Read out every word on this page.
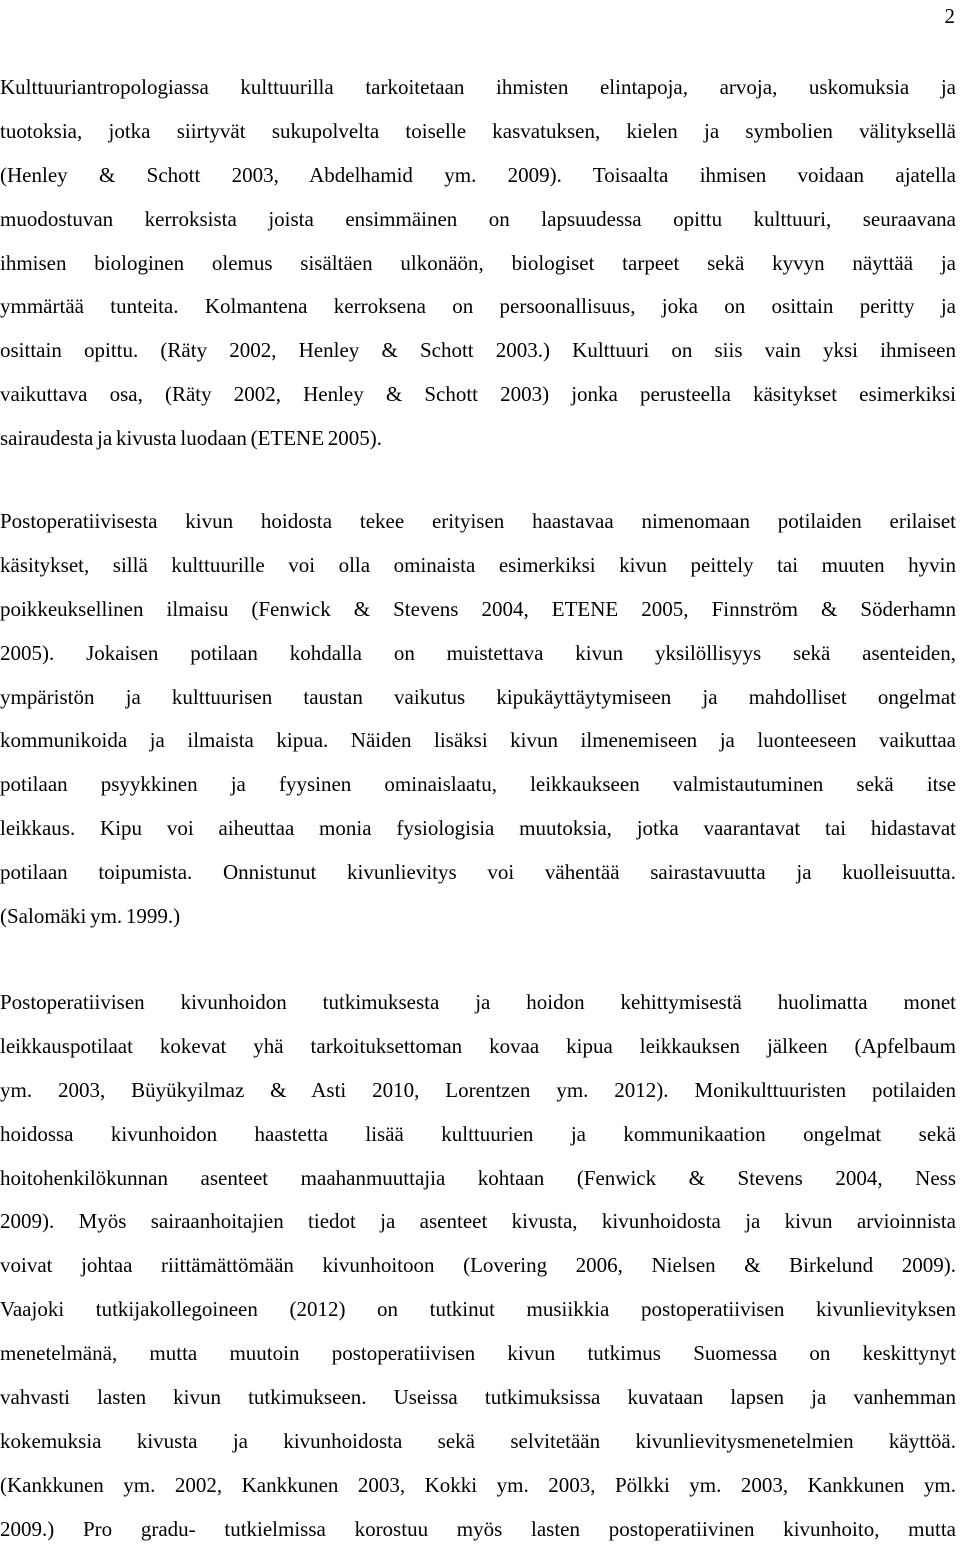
2
Kulttuuriantropologiassa kulttuurilla tarkoitetaan ihmisten elintapoja, arvoja, uskomuksia ja
tuotoksia, jotka siirtyvät sukupolvelta toiselle kasvatuksen, kielen ja symbolien välityksellä
(Henley & Schott 2003, Abdelhamid ym. 2009). Toisaalta ihmisen voidaan ajatella
muodostuvan kerroksista joista ensimmäinen on lapsuudessa opittu kulttuuri, seuraavana
ihmisen biologinen olemus sisältäen ulkonäön, biologiset tarpeet sekä kyvyn näyttää ja
ymmärtää tunteita. Kolmantena kerroksena on persoonallisuus, joka on osittain peritty ja
osittain opittu. (Räty 2002, Henley & Schott 2003.) Kulttuuri on siis vain yksi ihmiseen
vaikuttava osa, (Räty 2002, Henley & Schott 2003) jonka perusteella käsitykset esimerkiksi
sairaudesta ja kivusta luodaan (ETENE 2005).
Postoperatiivisesta kivun hoidosta tekee erityisen haastavaa nimenomaan potilaiden erilaiset
käsitykset, sillä kulttuurille voi olla ominaista esimerkiksi kivun peittely tai muuten hyvin
poikkeuksellinen ilmaisu (Fenwick & Stevens 2004, ETENE 2005, Finnström & Söderhamn
2005). Jokaisen potilaan kohdalla on muistettava kivun yksilöllisyys sekä asenteiden,
ympäristön ja kulttuurisen taustan vaikutus kipukäyttäytymiseen ja mahdolliset ongelmat
kommunikoida ja ilmaista kipua. Näiden lisäksi kivun ilmenemiseen ja luonteeseen vaikuttaa
potilaan psyykkinen ja fyysinen ominaislaatu, leikkaukseen valmistautuminen sekä itse
leikkaus. Kipu voi aiheuttaa monia fysiologisia muutoksia, jotka vaarantavat tai hidastavat
potilaan toipumista. Onnistunut kivunlievitys voi vähentää sairastavuutta ja kuolleisuutta.
(Salomäki ym. 1999.)
Postoperatiivisen kivunhoidon tutkimuksesta ja hoidon kehittymisestä huolimatta monet
leikkauspotilaat kokevat yhä tarkoituksettoman kovaa kipua leikkauksen jälkeen (Apfelbaum
ym. 2003, Büyükyilmaz & Asti 2010, Lorentzen ym. 2012). Monikulttuuristen potilaiden
hoidossa kivunhoidon haastetta lisää kulttuurien ja kommunikaation ongelmat sekä
hoitohenkilökunnan asenteet maahanmuuttajia kohtaan (Fenwick & Stevens 2004, Ness
2009). Myös sairaanhoitajien tiedot ja asenteet kivusta, kivunhoidosta ja kivun arvioinnista
voivat johtaa riittämättömään kivunhoitoon (Lovering 2006, Nielsen & Birkelund 2009).
Vaajoki tutkijakollegoineen (2012) on tutkinut musiikkia postoperatiivisen kivunlievityksen
menetelmänä, mutta muutoin postoperatiivisen kivun tutkimus Suomessa on keskittynyt
vahvasti lasten kivun tutkimukseen. Useissa tutkimuksissa kuvataan lapsen ja vanhemman
kokemuksia kivusta ja kivunhoidosta sekä selvitetään kivunlievitysmenetelmien käyttöä.
(Kankkunen ym. 2002, Kankkunen 2003, Kokki ym. 2003, Pölkki ym. 2003, Kankkunen ym.
2009.) Pro gradu- tutkielmissa korostuu myös lasten postoperatiivinen kivunhoito, mutta
